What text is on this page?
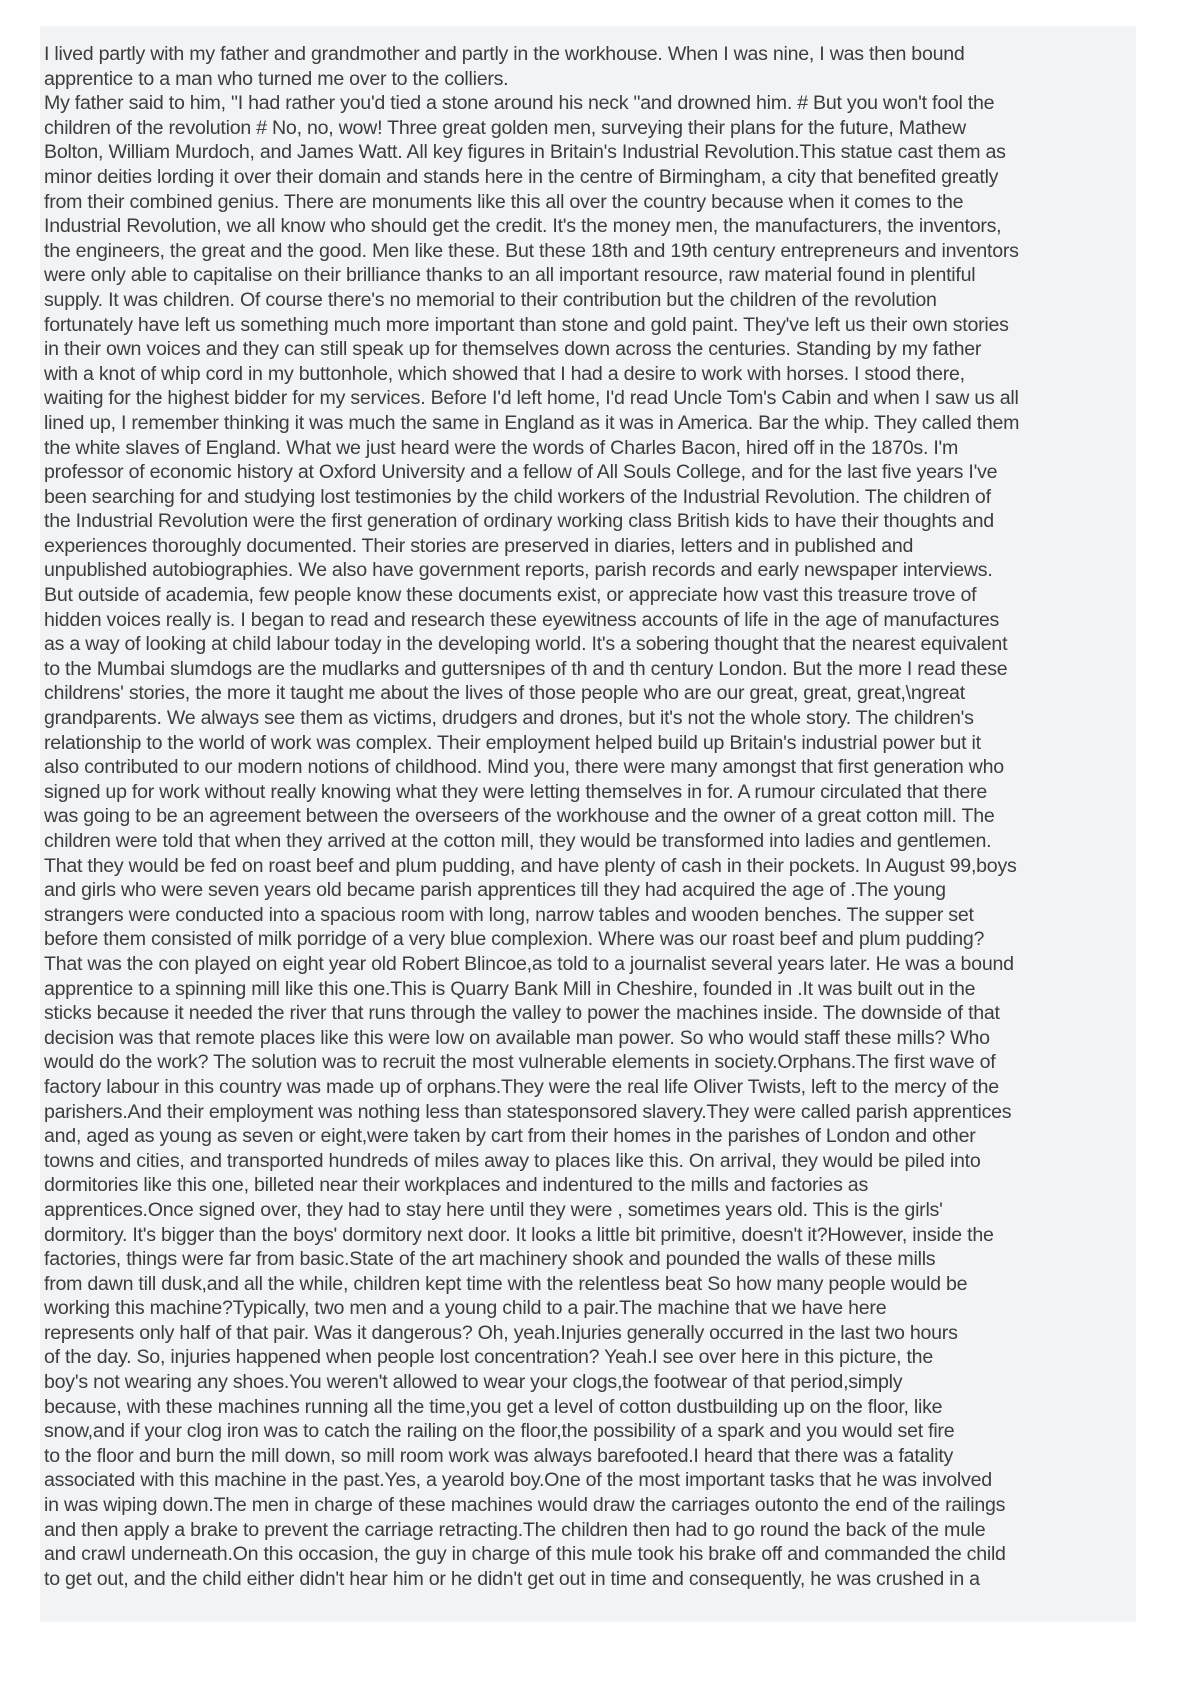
I lived partly with my father and grandmother and partly in the workhouse. When I was nine, I was then bound
apprentice to a man who turned me over to the colliers.
My father said to him, "I had rather you'd tied a stone around his neck "and drowned him. # But you won't fool the
children of the revolution # No, no, wow! Three great golden men, surveying their plans for the future, Mathew
Bolton, William Murdoch, and James Watt. All key figures in Britain's Industrial Revolution.This statue cast them as
minor deities lording it over their domain and stands here in the centre of Birmingham, a city that benefited greatly
from their combined genius. There are monuments like this all over the country because when it comes to the
Industrial Revolution, we all know who should get the credit. It's the money men, the manufacturers, the inventors,
the engineers, the great and the good. Men like these. But these 18th and 19th century entrepreneurs and inventors
were only able to capitalise on their brilliance thanks to an all important resource, raw material found in plentiful
supply. It was children. Of course there's no memorial to their contribution but the children of the revolution
fortunately have left us something much more important than stone and gold paint. They've left us their own stories
in their own voices and they can still speak up for themselves down across the centuries. Standing by my father
with a knot of whip cord in my buttonhole, which showed that I had a desire to work with horses. I stood there,
waiting for the highest bidder for my services. Before I'd left home, I'd read Uncle Tom's Cabin and when I saw us all
lined up, I remember thinking it was much the same in England as it was in America. Bar the whip. They called them
the white slaves of England. What we just heard were the words of Charles Bacon, hired off in the 1870s. I'm
professor of economic history at Oxford University and a fellow of All Souls College, and for the last five years I've
been searching for and studying lost testimonies by the child workers of the Industrial Revolution. The children of
the Industrial Revolution were the first generation of ordinary working class British kids to have their thoughts and
experiences thoroughly documented. Their stories are preserved in diaries, letters and in published and
unpublished autobiographies. We also have government reports, parish records and early newspaper interviews.
But outside of academia, few people know these documents exist, or appreciate how vast this treasure trove of
hidden voices really is. I began to read and research these eyewitness accounts of life in the age of manufactures
as a way of looking at child labour today in the developing world. It's a sobering thought that the nearest equivalent
to the Mumbai slumdogs are the mudlarks and guttersnipes of th and th century London. But the more I read these
childrens' stories, the more it taught me about the lives of those people who are our great, great, great,\ngreat
grandparents. We always see them as victims, drudgers and drones, but it's not the whole story. The children's
relationship to the world of work was complex. Their employment helped build up Britain's industrial power but it
also contributed to our modern notions of childhood. Mind you, there were many amongst that first generation who
signed up for work without really knowing what they were letting themselves in for. A rumour circulated that there
was going to be an agreement between the overseers of the workhouse and the owner of a great cotton mill. The
children were told that when they arrived at the cotton mill, they would be transformed into ladies and gentlemen.
That they would be fed on roast beef and plum pudding, and have plenty of cash in their pockets. In August 99,boys
and girls who were seven years old became parish apprentices till they had acquired the age of .The young
strangers were conducted into a spacious room with long, narrow tables and wooden benches. The supper set
before them consisted of milk porridge of a very blue complexion. Where was our roast beef and plum pudding?
That was the con played on eight year old Robert Blincoe,as told to a journalist several years later. He was a bound
apprentice to a spinning mill like this one.This is Quarry Bank Mill in Cheshire, founded in .It was built out in the
sticks because it needed the river that runs through the valley to power the machines inside. The downside of that
decision was that remote places like this were low on available man power. So who would staff these mills? Who
would do the work? The solution was to recruit the most vulnerable elements in society.Orphans.The first wave of
factory labour in this country was made up of orphans.They were the real life Oliver Twists, left to the mercy of the
parishers.And their employment was nothing less than statesponsored slavery.They were called parish apprentices
and, aged as young as seven or eight,were taken by cart from their homes in the parishes of London and other
towns and cities, and transported hundreds of miles away to places like this. On arrival, they would be piled into
dormitories like this one, billeted near their workplaces and indentured to the mills and factories as
apprentices.Once signed over, they had to stay here until they were , sometimes years old. This is the girls'
dormitory. It's bigger than the boys' dormitory next door. It looks a little bit primitive, doesn't it?However, inside the
factories, things were far from basic.State of the art machinery shook and pounded the walls of these mills
from dawn till dusk,and all the while, children kept time with the relentless beat So how many people would be
working this machine?Typically, two men and a young child to a pair.The machine that we have here
represents only half of that pair. Was it dangerous? Oh, yeah.Injuries generally occurred in the last two hours
of the day. So, injuries happened when people lost concentration? Yeah.I see over here in this picture, the
boy's not wearing any shoes.You weren't allowed to wear your clogs,the footwear of that period,simply
because, with these machines running all the time,you get a level of cotton dustbuilding up on the floor, like
snow,and if your clog iron was to catch the railing on the floor,the possibility of a spark and you would set fire
to the floor and burn the mill down, so mill room work was always barefooted.I heard that there was a fatality
associated with this machine in the past.Yes, a yearold boy.One of the most important tasks that he was involved
in was wiping down.The men in charge of these machines would draw the carriages outonto the end of the railings
and then apply a brake to prevent the carriage retracting.The children then had to go round the back of the mule
and crawl underneath.On this occasion, the guy in charge of this mule took his brake off and commanded the child
to get out, and the child either didn't hear him or he didn't get out in time and consequently, he was crushed in a
